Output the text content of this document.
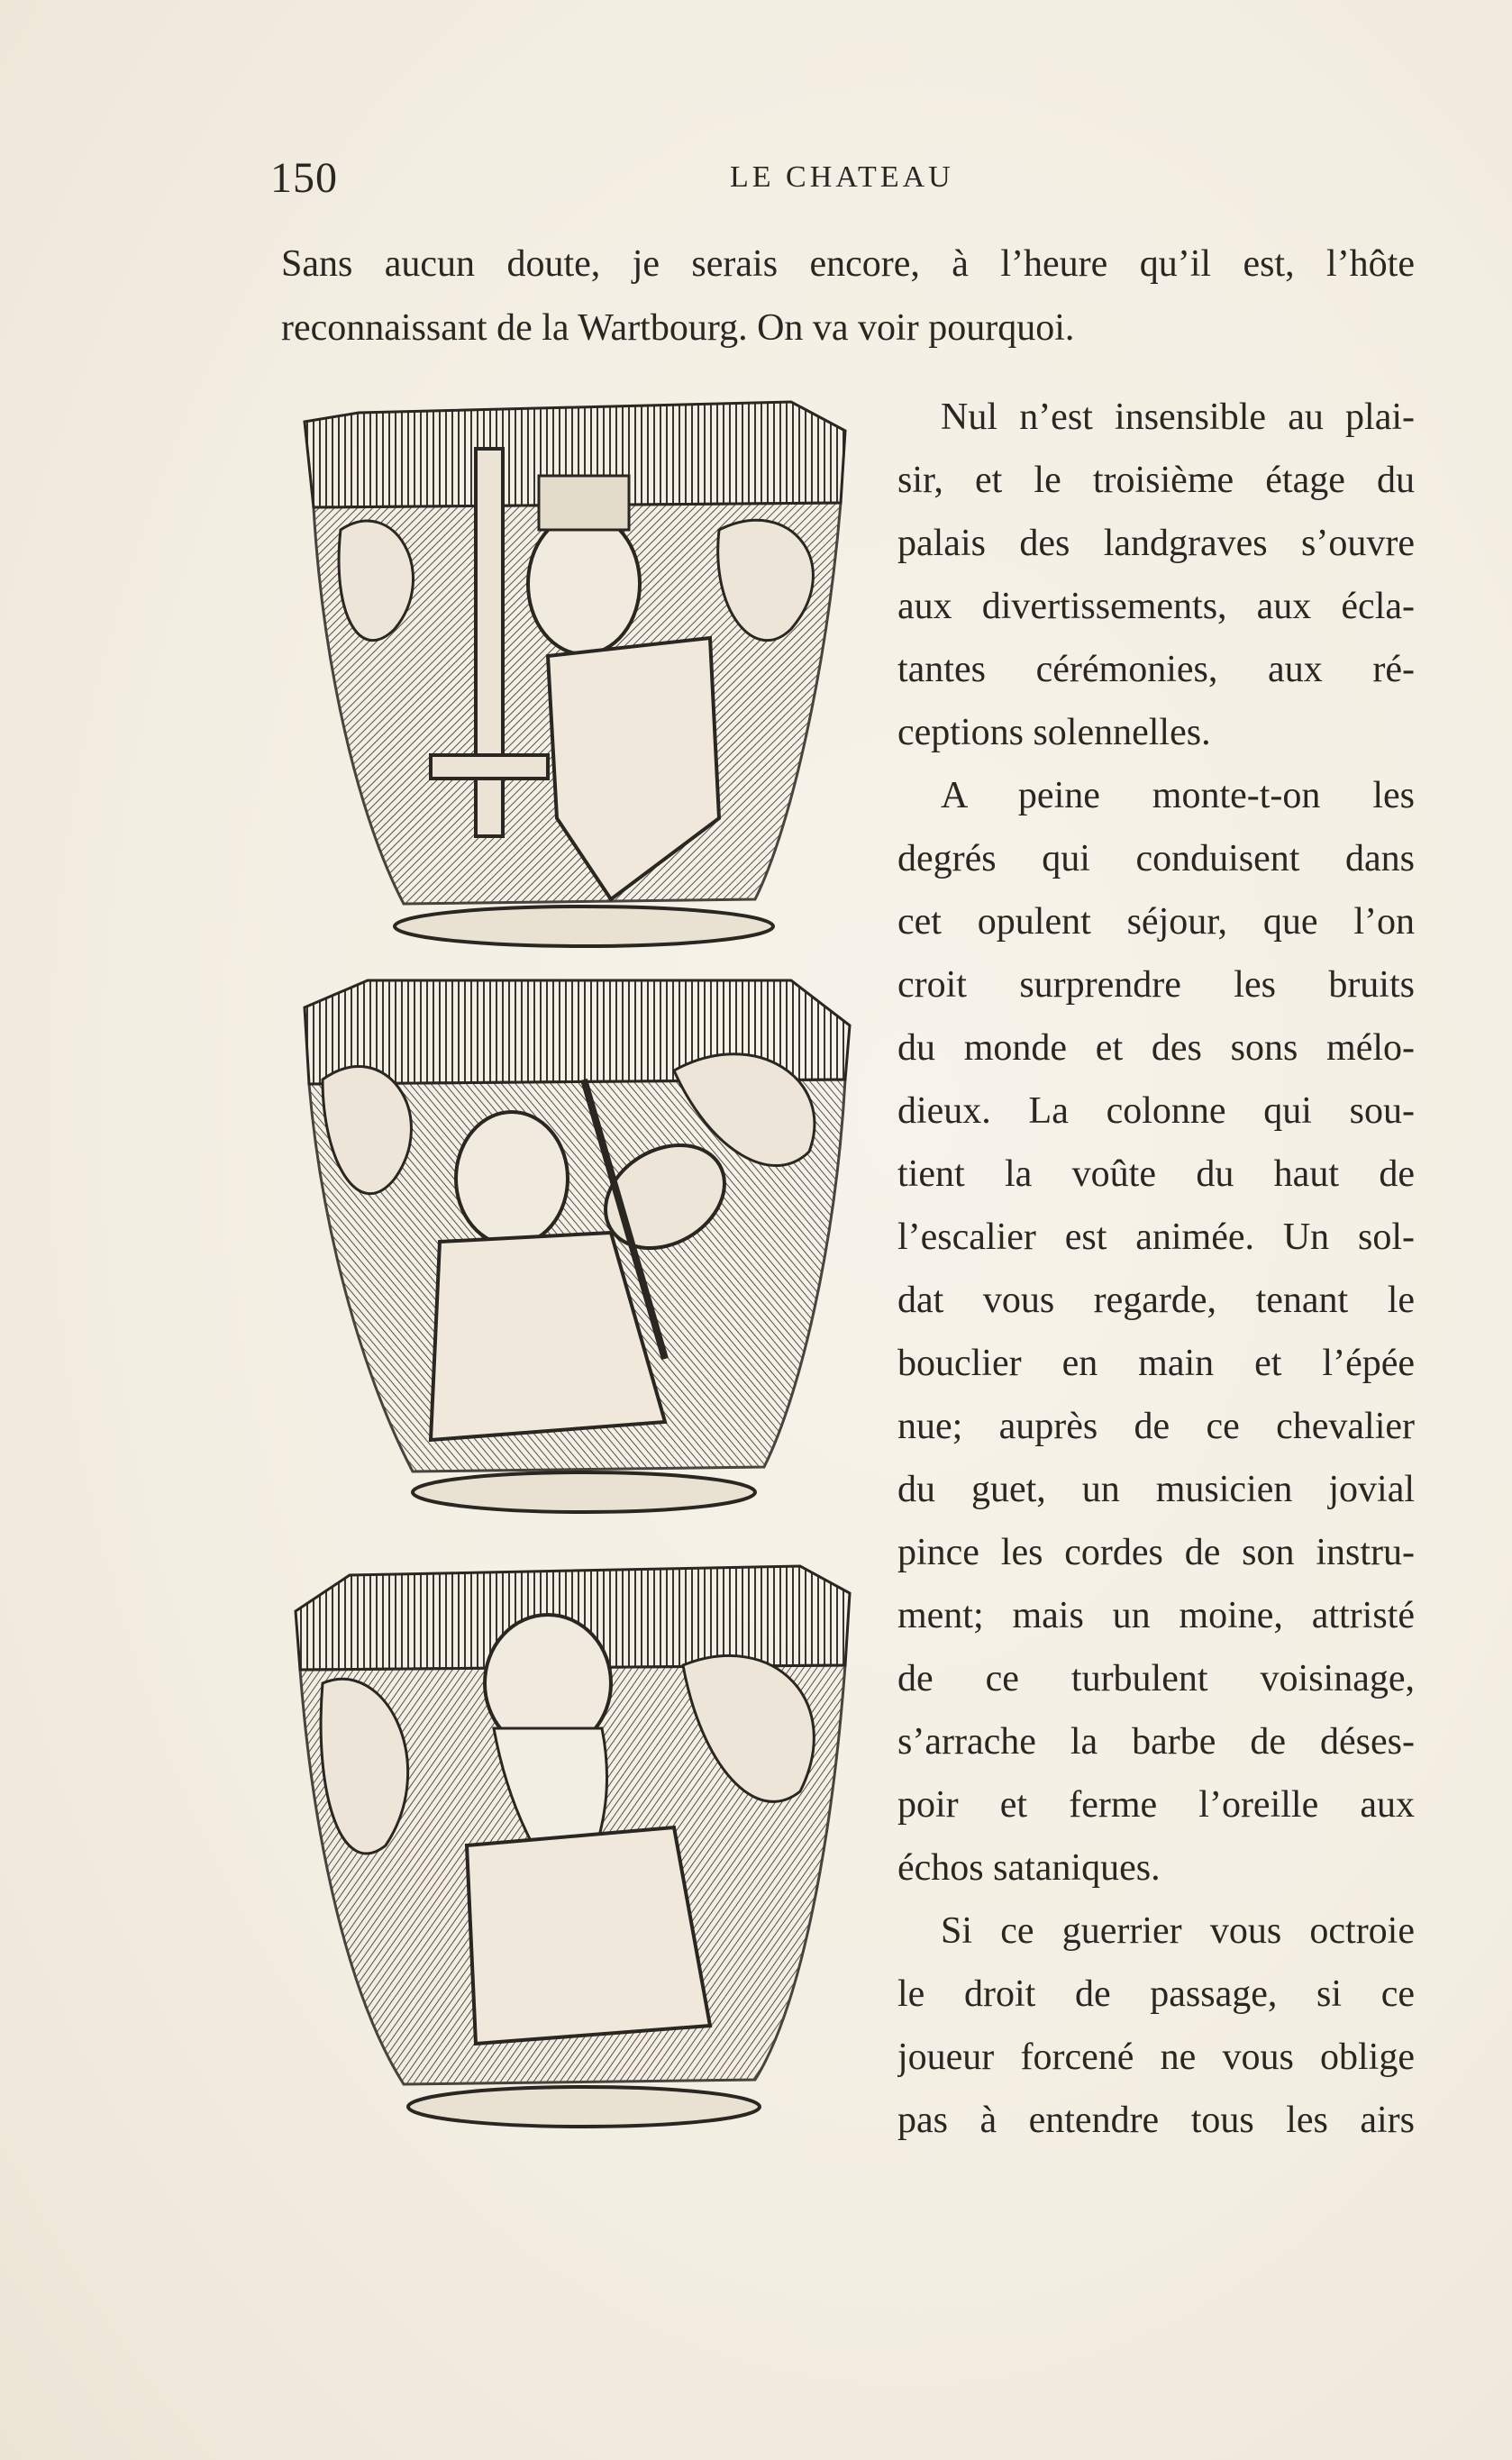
150	LE CHATEAU

Sans aucun doute, je serais encore, à l’heure qu’il est, l’hôte
reconnaissant de la Wartbourg. On va voir pourquoi.

Nul n’est insensible au plai-
sir, et le troisième étage du
palais des landgraves s’ouvre
aux divertissements, aux écla-
tantes cérémonies, aux ré-
ceptions solennelles.
A peine monte-t-on les
degrés qui conduisent dans
cet opulent séjour, que l’on
croit surprendre les bruits
du monde et des sons mélo-
dieux. La colonne qui sou-
tient la voûte du haut de
l’escalier est animée. Un sol-
dat vous regarde, tenant le
bouclier en main et l’épée
nue; auprès de ce chevalier
du guet, un musicien jovial
pince les cordes de son instru-
ment; mais un moine, attristé
de ce turbulent voisinage,
s’arrache la barbe de déses-
poir et ferme l’oreille aux
échos sataniques.
Si ce guerrier vous octroie
le droit de passage, si ce
joueur forcené ne vous oblige
pas à entendre tous les airs
